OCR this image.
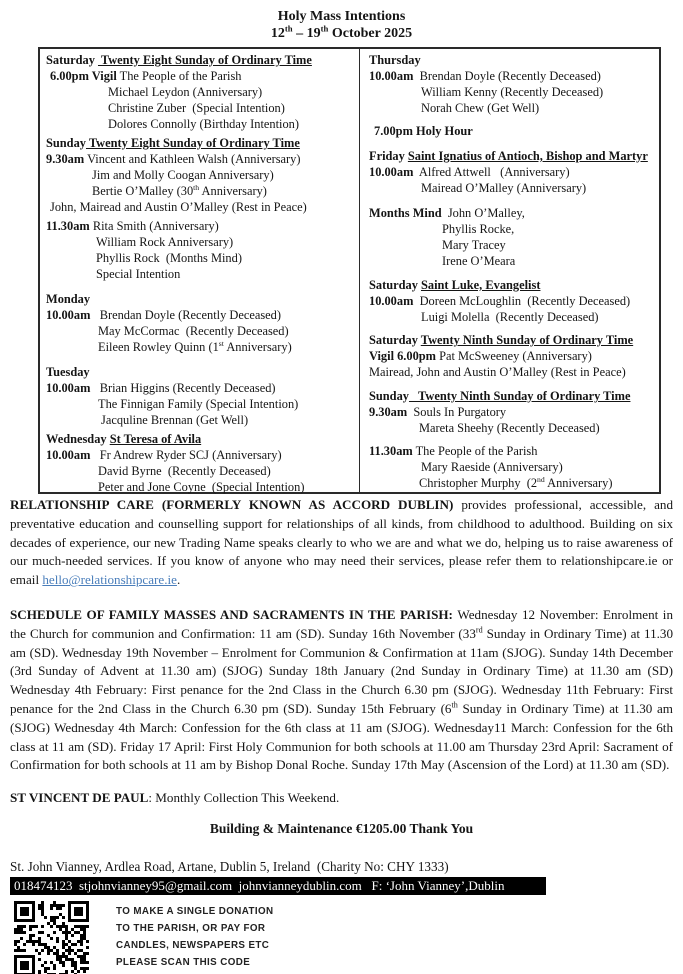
Holy Mass Intentions
12th – 19th October 2025
Saturday  Twenty Eight Sunday of Ordinary Time
6.00pm Vigil The People of the Parish
Michael Leydon (Anniversary)
Christine Zuber  (Special Intention)
Dolores Connolly (Birthday Intention)
Sunday Twenty Eight Sunday of Ordinary Time
9.30am Vincent and Kathleen Walsh (Anniversary)
Jim and Molly Coogan Anniversary)
Bertie O’Malley (30th Anniversary)
John, Mairead and Austin O’Malley (Rest in Peace)
11.30am Rita Smith (Anniversary)
William Rock Anniversary)
Phyllis Rock  (Months Mind)
Special Intention
Monday
10.00am   Brendan Doyle (Recently Deceased)
May McCormac  (Recently Deceased)
Eileen Rowley Quinn (1st Anniversary)
Tuesday
10.00am   Brian Higgins (Recently Deceased)
The Finnigan Family (Special Intention)
Jacquline Brennan (Get Well)
Wednesday St Teresa of Avila
10.00am   Fr Andrew Ryder SCJ (Anniversary)
David Byrne  (Recently Deceased)
Peter and Jone Coyne  (Special Intention)
Thursday
10.00am  Brendan Doyle (Recently Deceased)
William Kenny (Recently Deceased)
Norah Chew (Get Well)
7.00pm Holy Hour
Friday Saint Ignatius of Antioch, Bishop and Martyr
10.00am  Alfred Attwell   (Anniversary)
Mairead O’Malley (Anniversary)
Months Mind  John O’Malley,
Phyllis Rocke,
Mary Tracey
Irene O’Meara
Saturday Saint Luke, Evangelist
10.00am  Doreen McLoughlin  (Recently Deceased)
Luigi Molella  (Recently Deceased)
Saturday Twenty Ninth Sunday of Ordinary Time
Vigil 6.00pm Pat McSweeney (Anniversary)
Mairead, John and Austin O’Malley (Rest in Peace)
Sunday   Twenty Ninth Sunday of Ordinary Time
9.30am  Souls In Purgatory
Mareta Sheehy (Recently Deceased)
11.30am The People of the Parish
Mary Raeside (Anniversary)
Christopher Murphy  (2nd Anniversary)
RELATIONSHIP CARE (FORMERLY KNOWN AS ACCORD DUBLIN) provides professional, accessible, and preventative education and counselling support for relationships of all kinds, from childhood to adulthood. Building on six decades of experience, our new Trading Name speaks clearly to who we are and what we do, helping us to raise awareness of our much-needed services. If you know of anyone who may need their services, please refer them to relationshipcare.ie or email hello@relationshipcare.ie.
SCHEDULE OF FAMILY MASSES AND SACRAMENTS IN THE PARISH: Wednesday 12 November: Enrolment in the Church for communion and Confirmation: 11 am (SD). Sunday 16th November (33rd Sunday in Ordinary Time) at 11.30 am (SD). Wednesday 19th November – Enrolment for Communion & Confirmation at 11am (SJOG). Sunday 14th December (3rd Sunday of Advent at 11.30 am) (SJOG) Sunday 18th January (2nd Sunday in Ordinary Time) at 11.30 am (SD) Wednesday 4th February: First penance for the 2nd Class in the Church 6.30 pm (SJOG). Wednesday 11th February: First penance for the 2nd Class in the Church 6.30 pm (SD). Sunday 15th February (6th Sunday in Ordinary Time) at 11.30 am (SJOG) Wednesday 4th March: Confession for the 6th class at 11 am (SJOG). Wednesday11 March: Confession for the 6th class at 11 am (SD). Friday 17 April: First Holy Communion for both schools at 11.00 am Thursday 23rd April: Sacrament of Confirmation for both schools at 11 am by Bishop Donal Roche. Sunday 17th May (Ascension of the Lord) at 11.30 am (SD).
ST VINCENT DE PAUL: Monthly Collection This Weekend.
Building & Maintenance €1205.00 Thank You
St. John Vianney, Ardlea Road, Artane, Dublin 5, Ireland  (Charity No: CHY 1333)
018474123  stjohnvianney95@gmail.com  johnvianneydublin.com   F: ‘John Vianney’,Dublin
TO MAKE A SINGLE DONATION
TO THE PARISH, OR PAY FOR
CANDLES, NEWSPAPERS ETC
PLEASE SCAN THIS CODE
